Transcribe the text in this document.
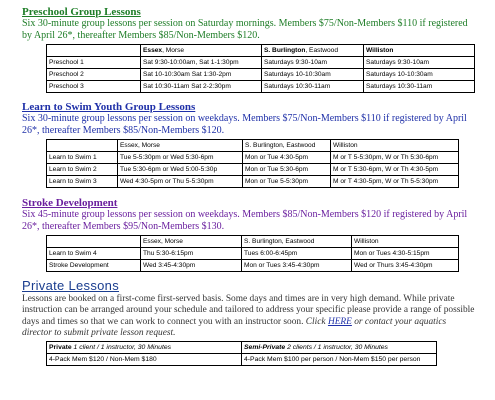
Preschool Group Lessons

Six 30-minute group lessons per session on Saturday mornings. Members $75/Non-Members $110 if registered by April 26*, thereafter Members $85/Non-Members $120.

	Essex, Morse	S. Burlington, Eastwood	Williston
Preschool 1	Sat 9:30-10:00am, Sat 1-1:30pm	Saturdays 9:30-10am	Saturdays 9:30-10am
Preschool 2	Sat 10-10:30am Sat 1:30-2pm	Saturdays 10-10:30am	Saturdays 10-10:30am
Preschool 3	Sat 10:30-11am Sat 2-2:30pm	Saturdays 10:30-11am	Saturdays 10:30-11am

Learn to Swim Youth Group Lessons

Six 30-minute group lessons per session on weekdays. Members $75/Non-Members $110 if registered by April 26*, thereafter Members $85/Non-Members $120.

	Essex, Morse	S. Burlington, Eastwood	Williston
Learn to Swim 1	Tue 5-5:30pm or Wed 5:30-6pm	Mon or Tue 4:30-5pm	M or T 5-5:30pm, W or Th 5:30-6pm
Learn to Swim 2	Tue 5:30-6pm or Wed 5:00-5:30p	Mon or Tue 5:30-6pm	M or T 5:30-6pm, W or Th 4:30-5pm
Learn to Swim 3	Wed 4:30-5pm or Thu 5-5:30pm	Mon or Tue 5-5:30pm	M or T 4:30-5pm, W or Th 5-5:30pm

Stroke Development

Six 45-minute group lessons per session on weekdays. Members $85/Non-Members $120 if registered by April 26*, thereafter Members $95/Non-Members $130.

	Essex, Morse	S. Burlington, Eastwood	Williston
Learn to Swim 4	Thu 5:30-6:15pm	Tues 6:00-6:45pm	Mon or Tues 4:30-5:15pm
Stroke Development	Wed 3:45-4:30pm	Mon or Tues 3:45-4:30pm	Wed or Thurs 3:45-4:30pm

Private Lessons

Lessons are booked on a first-come first-served basis. Some days and times are in very high demand. While private instruction can be arranged around your schedule and tailored to address your specific please provide a range of possible days and times so that we can work to connect you with an instructor soon. Click HERE or contact your aquatics director to submit private lesson request.

Private 1 client / 1 instructor, 30 Minutes	Semi-Private 2 clients / 1 instructor, 30 Minutes
4-Pack Mem $120 / Non-Mem $180	4-Pack Mem $100 per person / Non-Mem $150 per person
